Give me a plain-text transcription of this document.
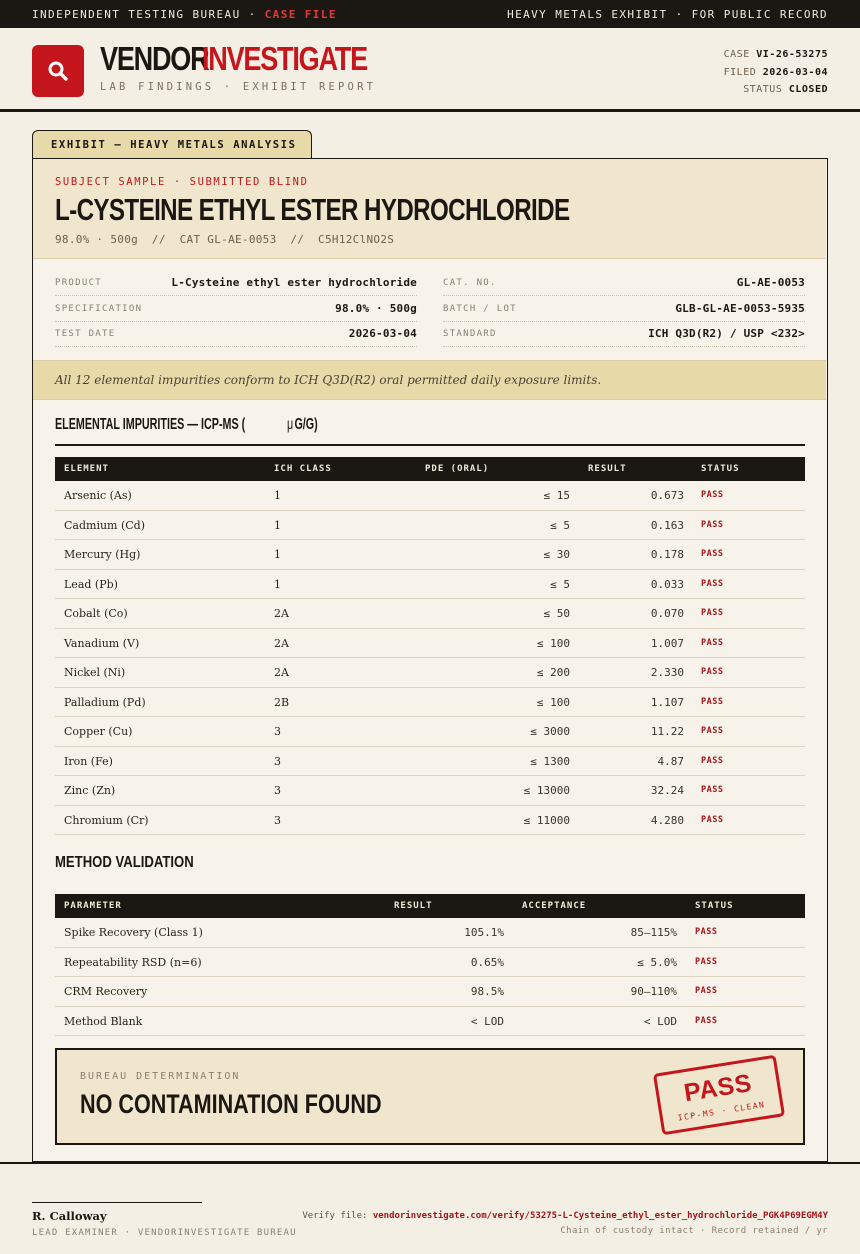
INDEPENDENT TESTING BUREAU · CASE FILE	HEAVY METALS EXHIBIT · FOR PUBLIC RECORD
VENDORINVESTIGATE
LAB FINDINGS · EXHIBIT REPORT
CASE VI-26-53275
FILED 2026-03-04
STATUS CLOSED
EXHIBIT — HEAVY METALS ANALYSIS
SUBJECT SAMPLE · SUBMITTED BLIND
L-CYSTEINE ETHYL ESTER HYDROCHLORIDE
98.0% · 500g  //  CAT GL-AE-0053  //  C5H12ClNO2S
PRODUCT	L-Cysteine ethyl ester hydrochloride
SPECIFICATION	98.0% · 500g
TEST DATE	2026-03-04
CAT. NO.	GL-AE-0053
BATCH / LOT	GLB-GL-AE-0053-5935
STANDARD	ICH Q3D(R2) / USP <232>

All 12 elemental impurities conform to ICH Q3D(R2) oral permitted daily exposure limits.

ELEMENTAL IMPURITIES — ICP-MS (	μG/G)
ELEMENT	ICH CLASS	PDE (ORAL)	RESULT	STATUS
Arsenic (As)	1	≤ 15	0.673 PASS
Cadmium (Cd)	1	≤ 5	0.163 PASS
Mercury (Hg)	1	≤ 30	0.178 PASS
Lead (Pb)	1	≤ 5	0.033 PASS
Cobalt (Co)	2A	≤ 50	0.070 PASS
Vanadium (V)	2A	≤ 100	1.007 PASS
Nickel (Ni)	2A	≤ 200	2.330 PASS
Palladium (Pd)	2B	≤ 100	1.107 PASS
Copper (Cu)	3	≤ 3000	11.22 PASS
Iron (Fe)	3	≤ 1300	4.87 PASS
Zinc (Zn)	3	≤ 13000	32.24 PASS
Chromium (Cr)	3	≤ 11000	4.280 PASS
METHOD VALIDATION
PARAMETER	RESULT	ACCEPTANCE	STATUS
Spike Recovery (Class 1)	105.1%	85–115% PASS
Repeatability RSD (n=6)	0.65%	≤ 5.0% PASS
CRM Recovery	98.5%	90–110% PASS
Method Blank	< LOD	< LOD PASS
BUREAU DETERMINATION
NO CONTAMINATION FOUND	PASS
ICP-MS · CLEAN
R. Calloway
LEAD EXAMINER · VENDORINVESTIGATE BUREAU
Verify file: vendorinvestigate.com/verify/53275-L-Cysteine_ethyl_ester_hydrochloride_PGK4P69EGM4Y
Chain of custody intact · Record retained / yr
